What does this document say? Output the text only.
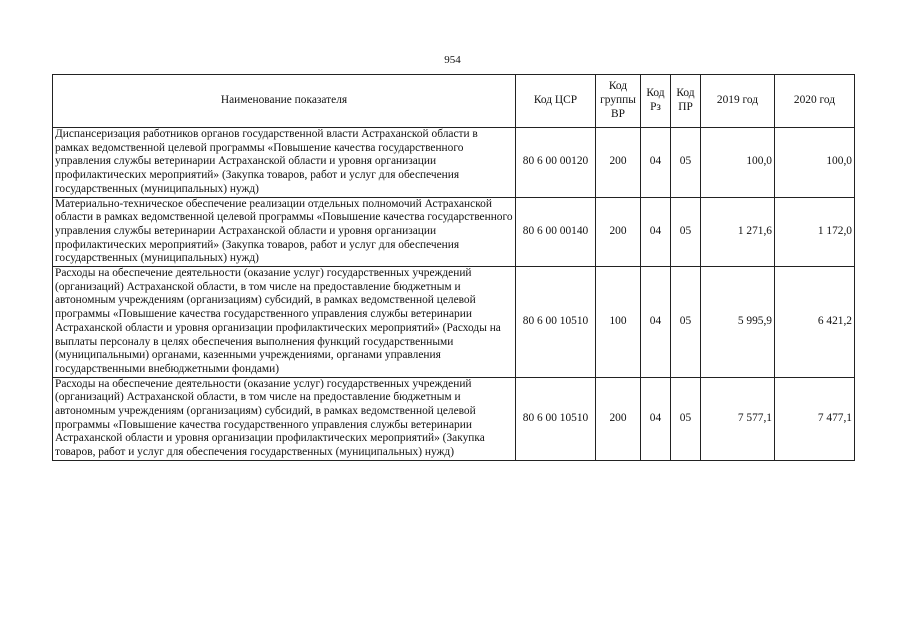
954
Наименование показателя	Код ЦСР	Код группы ВР	Код Рз	Код ПР	2019 год	2020 год
Диспансеризация работников органов государственной власти Астраханской области в рамках ведомственной целевой программы «Повышение качества государственного управления службы ветеринарии Астраханской области и уровня организации профилактических мероприятий» (Закупка товаров, работ и услуг для обеспечения государственных (муниципальных) нужд)	80 6 00 00120	200	04	05	100,0	100,0
Материально-техническое обеспечение реализации отдельных полномочий Астраханской области в рамках ведомственной целевой программы «Повышение качества государственного управления службы ветеринарии Астраханской области и уровня организации профилактических мероприятий» (Закупка товаров, работ и услуг для обеспечения государственных (муниципальных) нужд)	80 6 00 00140	200	04	05	1 271,6	1 172,0
Расходы на обеспечение деятельности (оказание услуг) государственных учреждений (организаций) Астраханской области, в том числе на предоставление бюджетным и автономным учреждениям (организациям) субсидий, в рамках ведомственной целевой программы «Повышение качества государственного управления службы ветеринарии Астраханской области и уровня организации профилактических мероприятий» (Расходы на выплаты персоналу в целях обеспечения выполнения функций государственными (муниципальными) органами, казенными учреждениями, органами управления государственными внебюджетными фондами)	80 6 00 10510	100	04	05	5 995,9	6 421,2
Расходы на обеспечение деятельности (оказание услуг) государственных учреждений (организаций) Астраханской области, в том числе на предоставление бюджетным и автономным учреждениям (организациям) субсидий, в рамках ведомственной целевой программы «Повышение качества государственного управления службы ветеринарии Астраханской области и уровня организации профилактических мероприятий» (Закупка товаров, работ и услуг для обеспечения государственных (муниципальных) нужд)	80 6 00 10510	200	04	05	7 577,1	7 477,1
